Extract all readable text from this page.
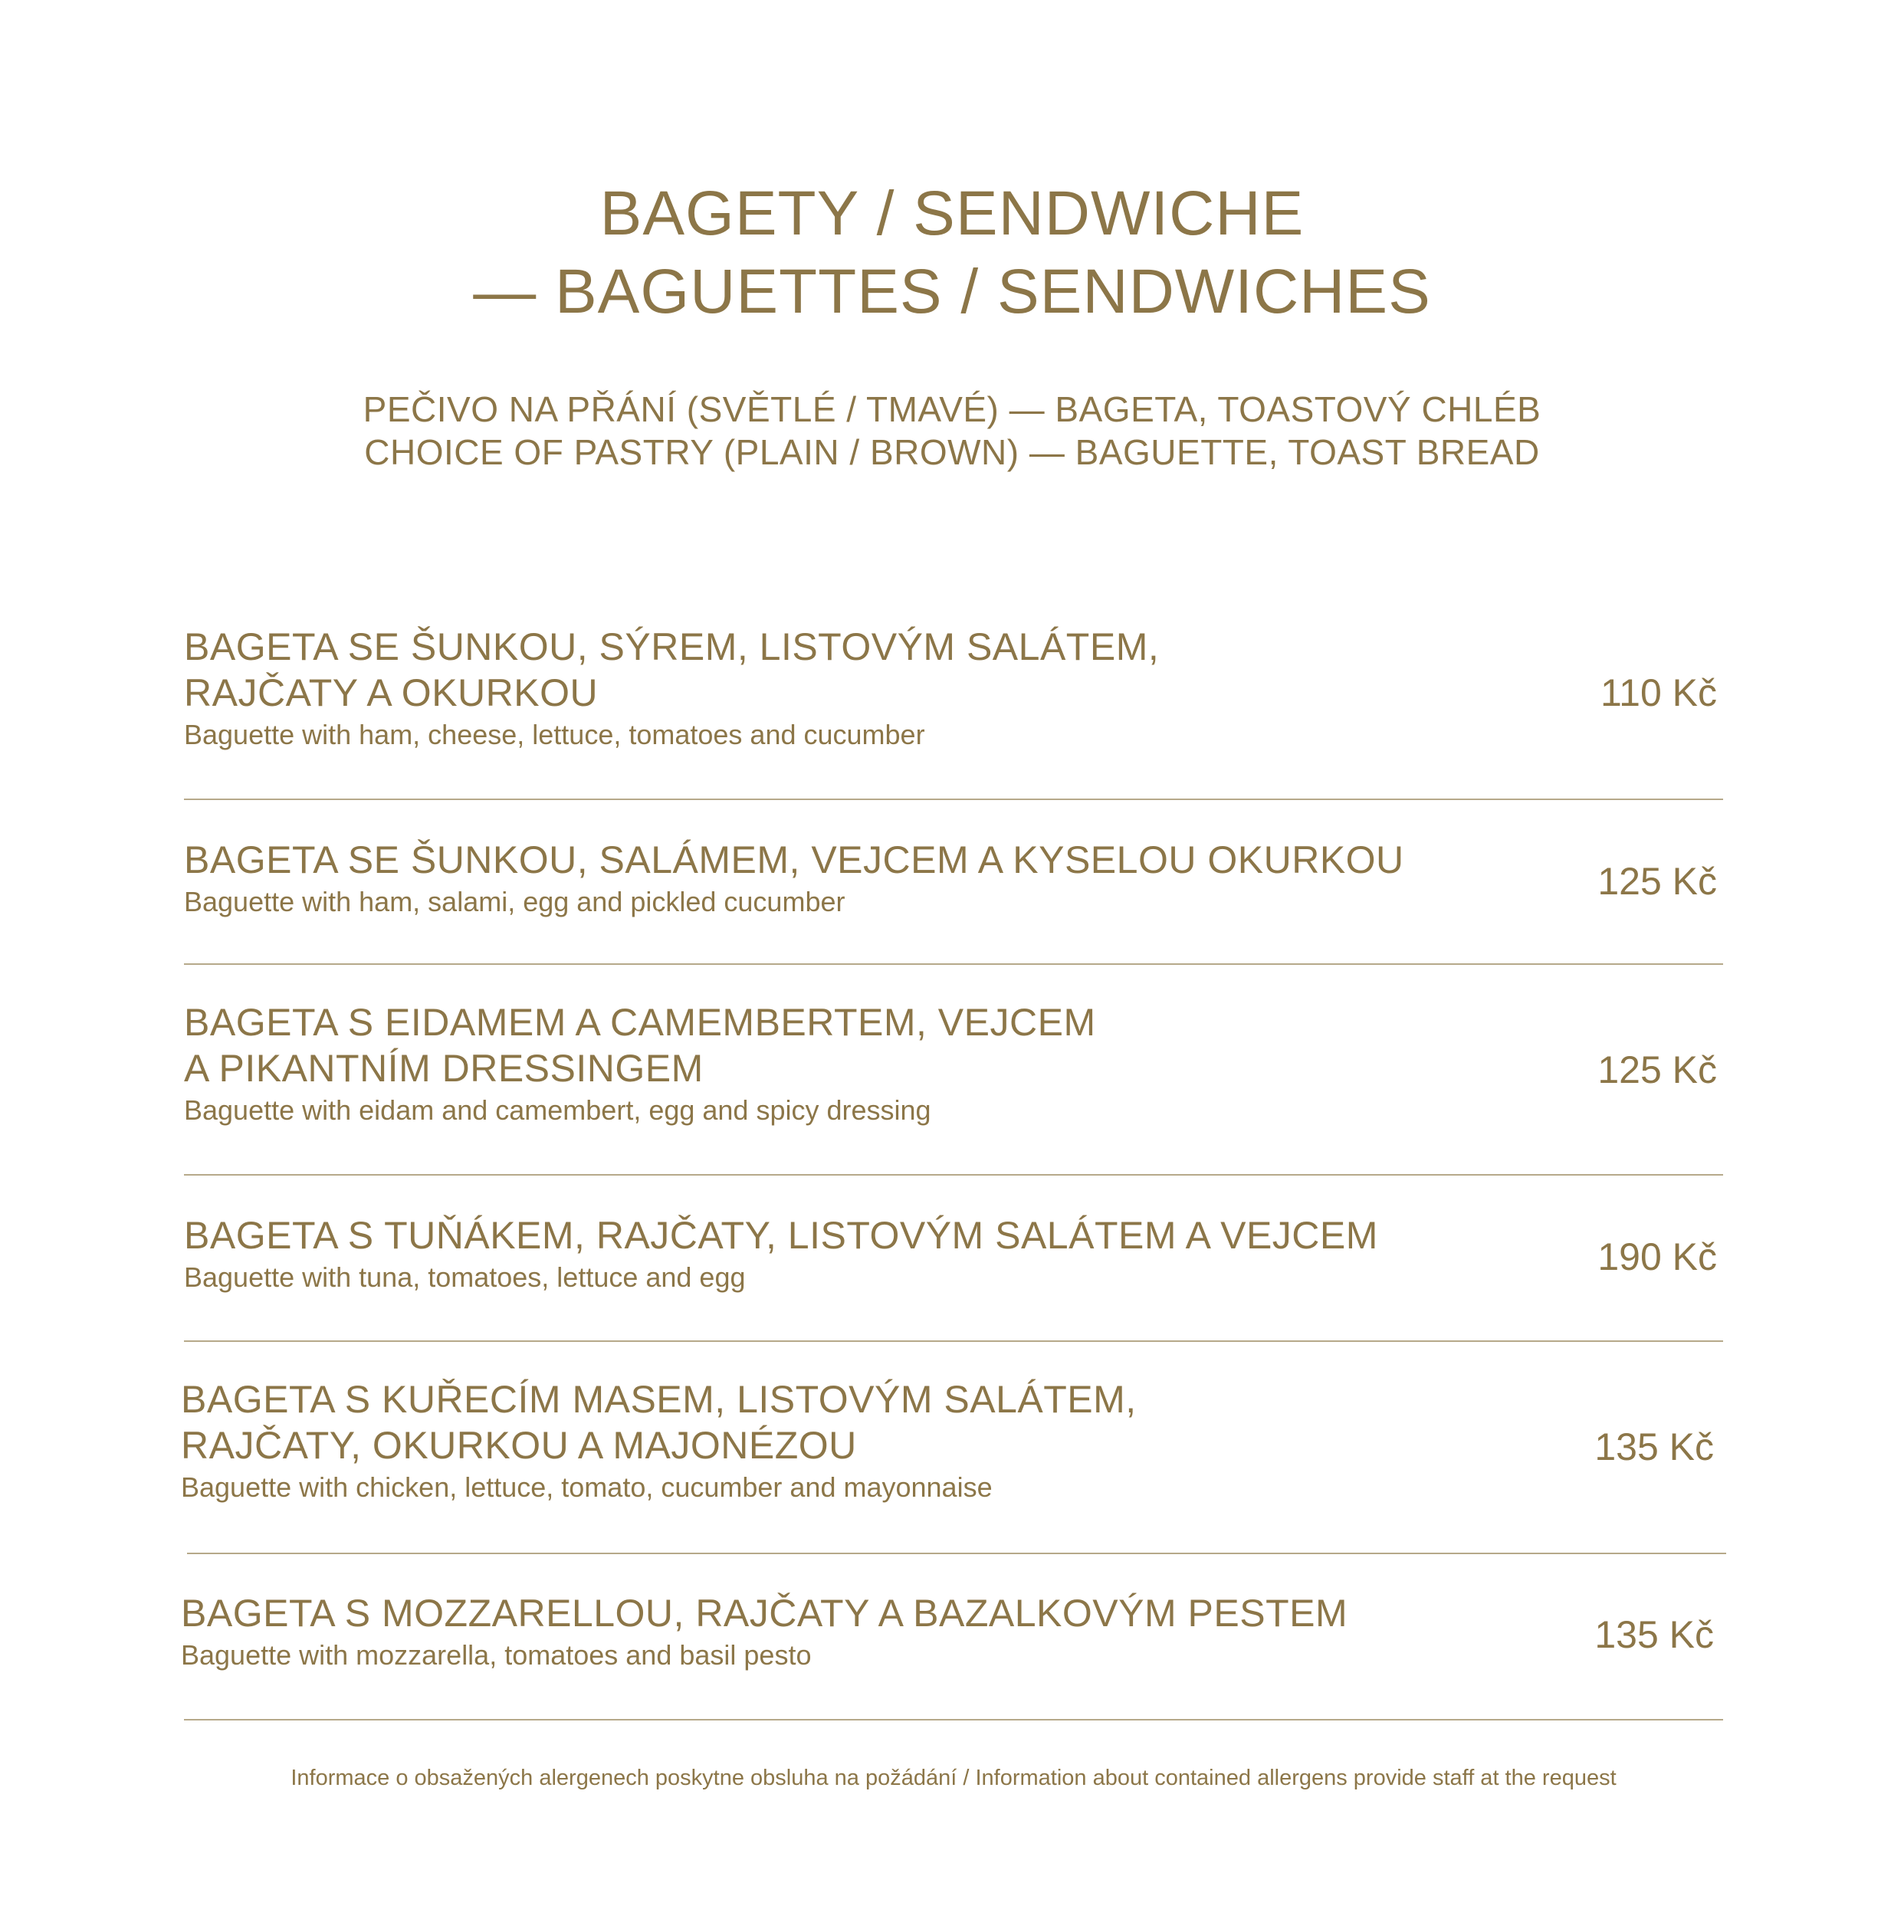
BAGETY / SENDWICHE
— BAGUETTES / SENDWICHES
PEČIVO NA PŘÁNÍ (SVĚTLÉ / TMAVÉ) — BAGETA, TOASTOVÝ CHLÉB
CHOICE OF PASTRY (PLAIN / BROWN) — BAGUETTE, TOAST BREAD
BAGETA SE ŠUNKOU, SÝREM, LISTOVÝM SALÁTEM,
RAJČATY A OKURKOU
Baguette with ham, cheese, lettuce, tomatoes and cucumber
110 Kč
BAGETA SE ŠUNKOU, SALÁMEM, VEJCEM A KYSELOU OKURKOU
Baguette with ham, salami, egg and pickled cucumber	125 Kč
BAGETA S EIDAMEM A CAMEMBERTEM, VEJCEM
A PIKANTNÍM DRESSINGEM
Baguette with eidam and camembert, egg and spicy dressing
125 Kč
BAGETA S TUŇÁKEM, RAJČATY, LISTOVÝM SALÁTEM A VEJCEM
Baguette with tuna, tomatoes, lettuce and egg	190 Kč
BAGETA S KUŘECÍM MASEM, LISTOVÝM SALÁTEM,
RAJČATY, OKURKOU A MAJONÉZOU
Baguette with chicken, lettuce, tomato, cucumber and mayonnaise
135 Kč
BAGETA S MOZZARELLOU, RAJČATY A BAZALKOVÝM PESTEM
Baguette with mozzarella, tomatoes and basil pesto	135 Kč
Informace o obsažených alergenech poskytne obsluha na požádání / Information about contained allergens provide staff at the request
